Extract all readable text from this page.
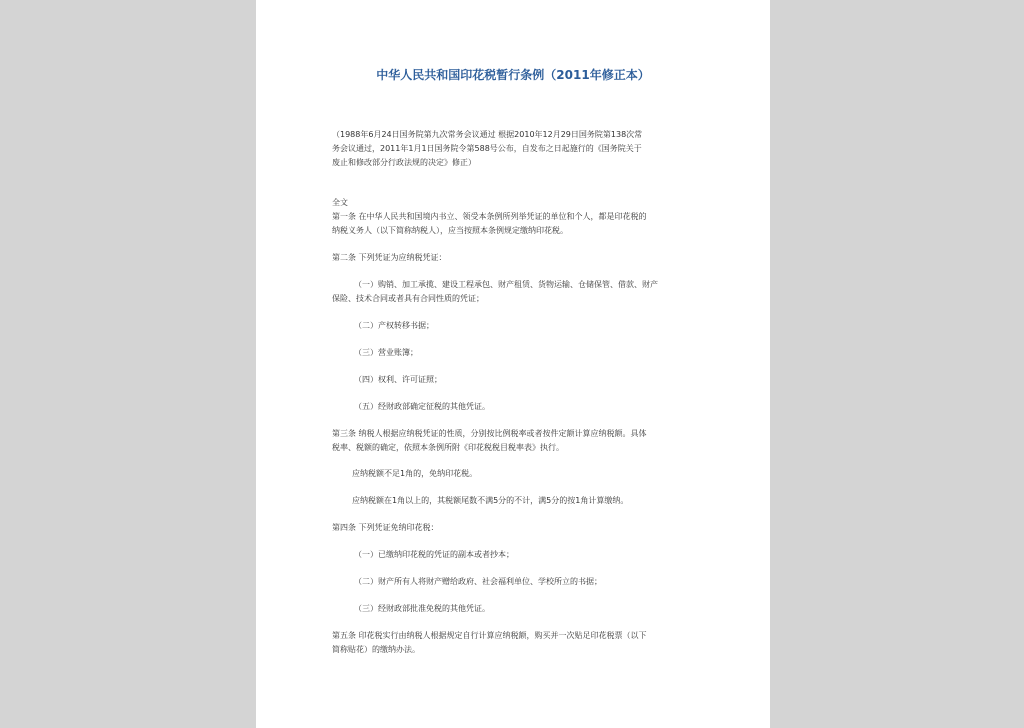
中华人民共和国印花税暂行条例（2011年修正本）
（1988年6月24日国务院第九次常务会议通过 根据2010年12月29日国务院第138次常
务会议通过，2011年1月1日国务院令第588号公布，自发布之日起施行的《国务院关于
废止和修改部分行政法规的决定》修正）
全文
第一条 在中华人民共和国境内书立、领受本条例所列举凭证的单位和个人，都是印花税的
纳税义务人（以下简称纳税人），应当按照本条例规定缴纳印花税。
第二条 下列凭证为应纳税凭证：
（一）购销、加工承揽、建设工程承包、财产租赁、货物运输、仓储保管、借款、财产
保险、技术合同或者具有合同性质的凭证；
（二）产权转移书据；
（三）营业账簿；
（四）权利、许可证照；
（五）经财政部确定征税的其他凭证。
第三条 纳税人根据应纳税凭证的性质，分别按比例税率或者按件定额计算应纳税额。具体
税率、税额的确定，依照本条例所附《印花税税目税率表》执行。
应纳税额不足1角的，免纳印花税。
应纳税额在1角以上的，其税额尾数不满5分的不计，满5分的按1角计算缴纳。
第四条 下列凭证免纳印花税：
（一）已缴纳印花税的凭证的副本或者抄本；
（二）财产所有人将财产赠给政府、社会福利单位、学校所立的书据；
（三）经财政部批准免税的其他凭证。
第五条 印花税实行由纳税人根据规定自行计算应纳税额，购买并一次贴足印花税票（以下
简称贴花）的缴纳办法。
